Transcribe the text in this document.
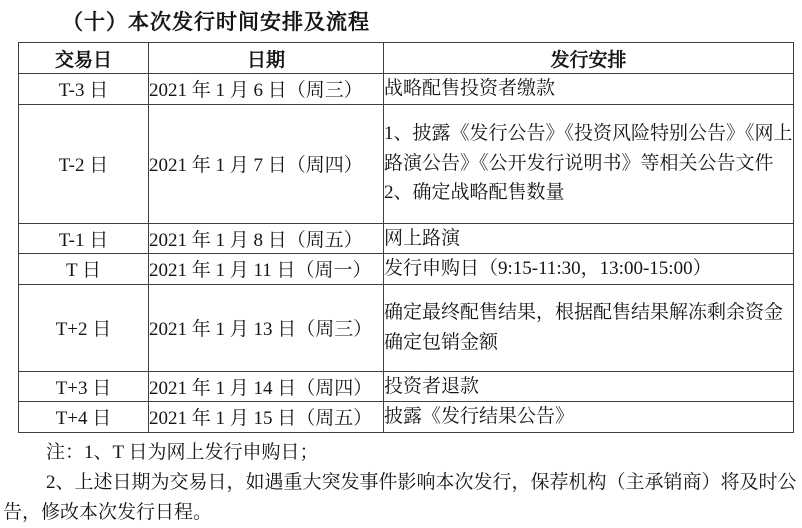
（十）本次发行时间安排及流程
交易日	日期	发行安排
T-3 日	2021 年 1 月 6 日（周三）	战略配售投资者缴款

T-2 日	2021 年 1 月 7 日（周四）	1、披露《发行公告》《投资风险特别公告》《网上路演公告》《公开发行说明书》等相关公告文件
2、确定战略配售数量

T-1 日	2021 年 1 月 8 日（周五）	网上路演

T 日	2021 年 1 月 11 日（周一）	发行申购日（9:15-11:30，13:00-15:00）

T+2 日	2021 年 1 月 13 日（周三）	确定最终配售结果，根据配售结果解冻剩余资金
确定包销金额

T+3 日	2021 年 1 月 14 日（周四）	投资者退款

T+4 日	2021 年 1 月 15 日（周五）	披露《发行结果公告》

注：1、T 日为网上发行申购日；

2、上述日期为交易日，如遇重大突发事件影响本次发行，保荐机构（主承销商）将及时公告，修改本次发行日程。
